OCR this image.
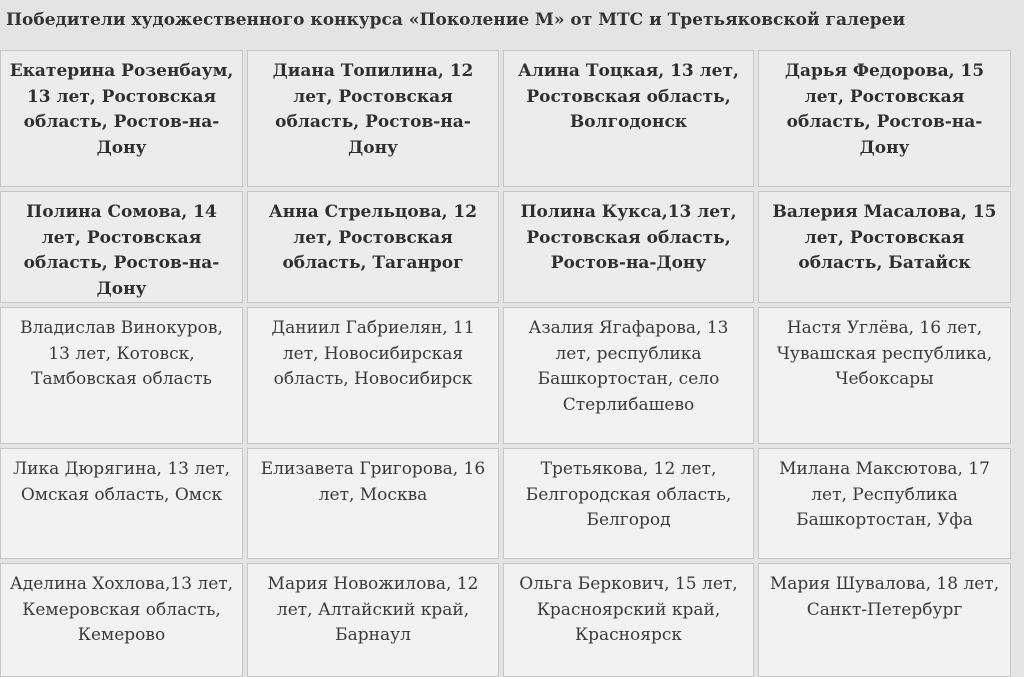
Победители художественного конкурса «Поколение М» от МТС и Третьяковской галереи
Екатерина Розенбаум, 13 лет, Ростовская область, Ростов-на-Дону
Диана Топилина, 12 лет, Ростовская область, Ростов-на-Дону
Алина Тоцкая, 13 лет, Ростовская область, Волгодонск
Дарья Федорова, 15 лет, Ростовская область, Ростов-на-Дону
Полина Сомова, 14 лет, Ростовская область, Ростов-на-Дону
Анна Стрельцова, 12 лет, Ростовская область, Таганрог
Полина Кукса,13 лет, Ростовская область, Ростов-на-Дону
Валерия Масалова, 15 лет, Ростовская область, Батайск
Владислав Винокуров, 13 лет, Котовск, Тамбовская область
Даниил Габриелян, 11 лет, Новосибирская область, Новосибирск
Азалия Ягафарова, 13 лет, республика Башкортостан, село Стерлибашево
Настя Углёва, 16 лет, Чувашская республика, Чебоксары
Лика Дюрягина, 13 лет, Омская область, Омск
Елизавета Григорова, 16 лет, Москва
Третьякова, 12 лет, Белгородская область, Белгород
Милана Максютова, 17 лет, Республика Башкортостан, Уфа
Аделина Хохлова,13 лет, Кемеровская область, Кемерово
Мария Новожилова, 12 лет, Алтайский край, Барнаул
Ольга Беркович, 15 лет, Красноярский край, Красноярск
Мария Шувалова, 18 лет, Санкт-Петербург
